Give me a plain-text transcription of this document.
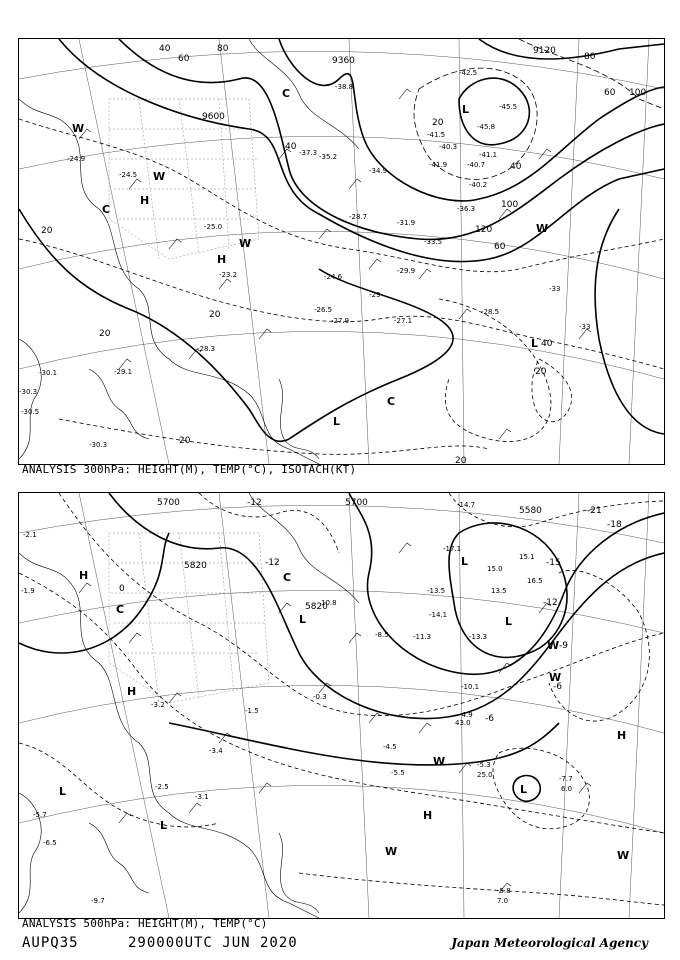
9120
9600
9360
20
40
60
80
100
120
20
40
60
40
60
80
100
20
20
40
20
20
20
H
H
L
L
L
C
C
C
W
W
W
W
-45.5
-42.5
-45.8
-41.5
-40.3
-41.9	-40.7
-41.1
-40.2
-36.3
-35.2
-33.5
-34.9
-38.8
-31.9
-37.3
-28.7
-29.9
-27.1
-28.5
-24.9
-24.5
-25.0
-23.2
-30.1
-30.3
-29.1
-30.5
-30.3
-27.9
-24.6
-26.5
-28.3
-33
-33
-29
ANALYSIS 300hPa: HEIGHT(M), TEMP(°C), ISOTACH(KT)
5700	5700
5820
5580
5820
-12
-12
-9
-6
-15
-12
-18
-21
-6
0
H
H
H
H
L
L
L
L
L
L
C
C
W
W	W
W
W
-14.7
-17.1
-13.5
-14.1
-11.3
-10.1
-13.3
-4.9
-4.5
-5.5
-5.3
-7.7
-5.8
-3.2
-3.1
-2.5
-2.1
-1.9
-5.7
-6.5
-9.7
-8.5
-3.4
-1.5
-0.3
10.8
25.0
43.0
7.0
6.0
13.5
15.1
16.5
15.0
ANALYSIS 500hPa: HEIGHT(M), TEMP(°C)
AUPQ35	290000UTC JUN 2020	Japan Meteorological Agency
